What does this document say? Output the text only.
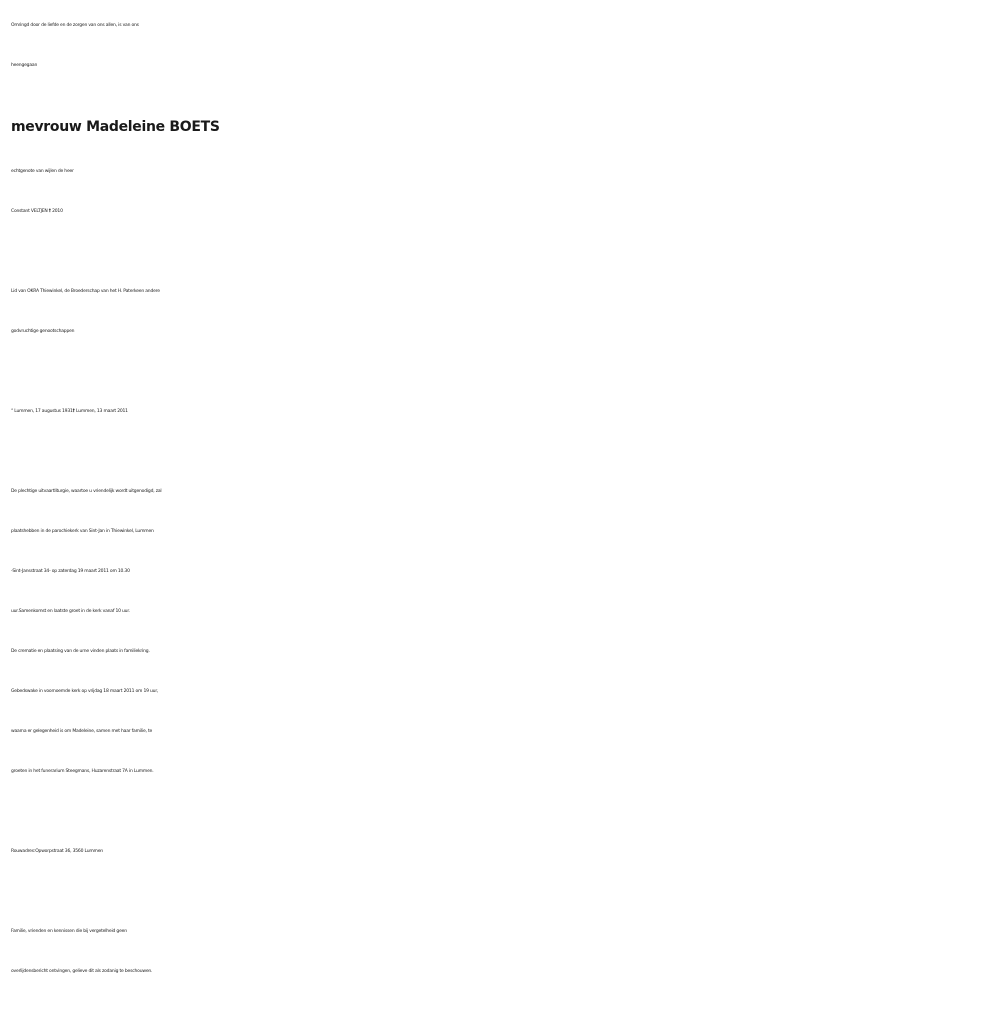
Omringd door de liefde en de zorgen van ons allen, is van ons
heengegaan
mevrouw Madeleine BOETS
echtgenote van wijlen de heer
Constant VELTJEN † 2010
Lid van OKRA Thiewinkel, de Broederschap van het H. Paterkeen andere
godvruchtige genootschappen
° Lummen, 17 augustus 1931† Lummen, 13 maart 2011
De plechtige uitvaartliturgie, waartoe u vriendelijk wordt uitgenodigd, zal
plaatshebben in de parochiekerk van Sint-Jan in Thiewinkel, Lummen
-Sint-Jansstraat 34- op zaterdag 19 maart 2011 om 10.30
uur.Samenkomst en laatste groet in de kerk vanaf 10 uur.
De crematie en plaatsing van de urne vinden plaats in familiekring.
Gebedswake in voornoemde kerk op vrijdag 18 maart 2011 om 19 uur,
waarna er gelegenheid is om Madeleine, samen met haar familie, te
groeten in het funerarium Steegmans, Huzarenstraat 7A in Lummen.
Rouwadres:Opworpstraat 36, 3560 Lummen
Familie, vrienden en kennissen die bij vergetelheid geen
overlijdensbericht ontvingen, gelieve dit als zodanig te beschouwen.
